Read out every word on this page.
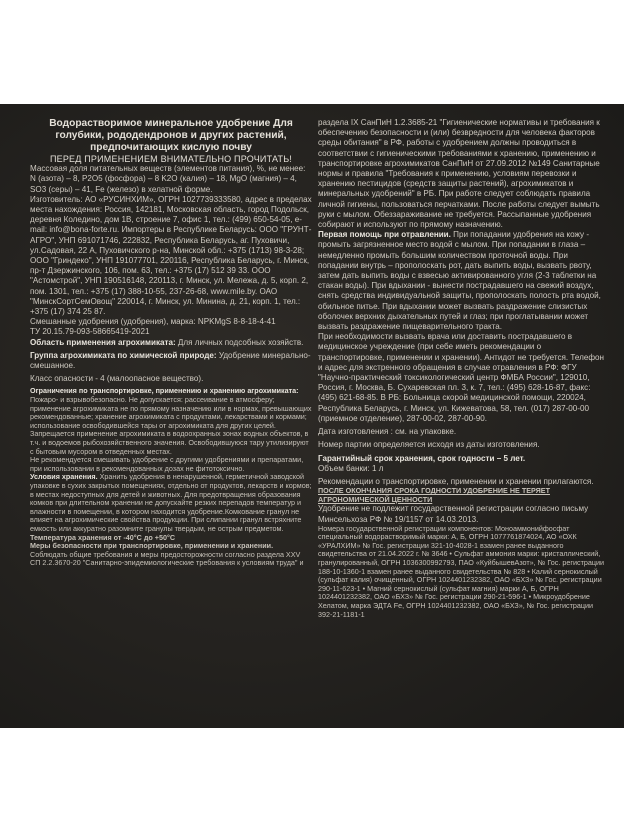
Водорастворимое минеральное удобрение Для голубики, рододендронов и других растений, предпочитающих кислую почву

ПЕРЕД ПРИМЕНЕНИЕМ ВНИМАТЕЛЬНО ПРОЧИТАТЬ!

Массовая доля питательных веществ (элементов питания), %, не менее: N (азота) – 8, P2O5 (фосфора) – 8 K2O (калия) – 18, MgO (магния) – 4, SO3 (серы) – 41, Fe (железо) в хелатной форме.

Изготовитель: АО «РУСИНХИМ», ОГРН 1027739333580, адрес в пределах места нахождения: Россия, 142181, Московская область, город Подольск, деревня Коледино, дом 1В, строение 7, офис 1, тел.: (499) 650-54-05, e-mail: info@bona-forte.ru. Импортеры в Республике Беларусь: ООО "ГРУНТ-АГРО", УНП 691071746, 222832, Республика Беларусь, аг. Пуховичи, ул.Садовая, 22 А, Пуховичского р-на, Минской обл.: +375 (1713) 98-3-28; ООО "Гриндеко", УНП 191077701, 220116, Республика Беларусь, г. Минск, пр-т Дзержинского, 106, пом. 63, тел.: +375 (17) 512 39 33. ООО "Астомстрой", УНП 190516148, 220113, г. Минск, ул. Мележа, д. 5, корп. 2, пом. 1301, тел.: +375 (17) 388-10-55, 237-26-68, www.mile.by. ОАО "МинскСортСемОвощ" 220014, г. Минск, ул. Минина, д. 21, корп. 1, тел.: +375 (17) 374 25 87.

Смешанные удобрения (удобрения), марка: NPKMgS 8-8-18-4-41

ТУ 20.15.79-093-58665419-2021

Область применения агрохимиката: Для личных подсобных хозяйств.

Группа агрохимиката по химической природе: Удобрение минерально-смешанное.

Класс опасности - 4 (малоопасное вещество).

Ограничения по транспортировке, применению и хранению агрохимиката: Пожаро- и взрывобезопасно. Не допускается: рассеивание в атмосферу; применение агрохимиката не по прямому назначению или в нормах, превышающих рекомендованные; хранение агрохимиката с продуктами, лекарствами и кормами; использование освободившейся тары от агрохимиката для других целей. Запрещается применение агрохимиката в водоохранных зонах водных объектов, в т.ч. и водоемов рыбохозяйственного значения. Освободившуюся тару утилизируют с бытовым мусором в отведенных местах.

Не рекомендуется смешивать удобрение с другими удобрениями и препаратами, при использовании в рекомендованных дозах не фитотоксично.

Условия хранения. Хранить удобрения в ненарушенной, герметичной заводской упаковке в сухих закрытых помещениях, отдельно от продуктов, лекарств и кормов; в местах недоступных для детей и животных. Для предотвращения образования комков при длительном хранении не допускайте резких перепадов температур и влажности в помещении, в котором находится удобрение.Комкование гранул не влияет на агрохимические свойства продукции. При слипании гранул встряхните емкость или аккуратно разомните гранулы твердым, не острым предметом.

Температура хранения от -40°С до +50°С

Меры безопасности при транспортировке, применении и хранении.

Соблюдать общие требования и меры предосторожности согласно раздела XXV СП 2.2.3670-20 "Санитарно-эпидемиологические требования к условиям труда" и

раздела IX СанПиН 1.2.3685-21 "Гигиенические нормативы и требования к обеспечению безопасности и (или) безвредности для человека факторов среды обитания" в РФ, работы с удобрением должны проводиться в соответствии с гигиеническими требованиями к хранению, применению и транспортировке агрохимикатов СанПиН от 27.09.2012 №149 Санитарные нормы и правила "Требования к применению, условиям перевозки и хранению пестицидов (средств защиты растений), агрохимикатов и минеральных удобрений" в РБ. При работе следует соблюдать правила личной гигиены, пользоваться перчатками. После работы следует вымыть руки с мылом. Обеззараживание не требуется. Рассыпанные удобрения собирают и используют по прямому назначению.

Первая помощь при отравлении. При попадании удобрения на кожу - промыть загрязненное место водой с мылом. При попадании в глаза – немедленно промыть большим количеством проточной воды. При попадании внутрь – прополоскать рот, дать выпить воды, вызвать рвоту, затем дать выпить воды с взвесью активированного угля (2-3 таблетки на стакан воды). При вдыхании - вынести пострадавшего на свежий воздух, снять средства индивидуальной защиты, прополоскать полость рта водой, обильное питье. При вдыхании может вызвать раздражение слизистых оболочек верхних дыхательных путей и глаз; при проглатывании может вызвать раздражение пищеварительного тракта.

При необходимости вызвать врача или доставить пострадавшего в медицинское учреждение (при себе иметь рекомендации о транспортировке, применении и хранении). Антидот не требуется. Телефон и адрес для экстренного обращения в случае отравления в РФ: ФГУ "Научно-практический токсикологический центр ФМБА России", 129010, Россия, г. Москва, Б. Сухаревская пл. 3, к. 7, тел.: (495) 628-16-87, факс: (495) 621-68-85. В РБ: Больница скорой медицинской помощи, 220024, Республика Беларусь, г. Минск, ул. Кижеватова, 58, тел. (017) 287-00-00 (приемное отделение), 287-00-02, 287-00-90.

Дата изготовления : см. на упаковке.

Номер партии определяется исходя из даты изготовления.

Гарантийный срок хранения, срок годности – 5 лет.

Объем банки: 1 л

Рекомендации о транспортировке, применении и хранении прилагаются.

ПОСЛЕ ОКОНЧАНИЯ СРОКА ГОДНОСТИ УДОБРЕНИЕ НЕ ТЕРЯЕТ АГРОНОМИЧЕСКОЙ ЦЕННОСТИ

Удобрение не подлежит государственной регистрации согласно письму Минсельхоза РФ № 19/1157 от 14.03.2013.

Номера государственной регистрации компонентов: Моноаммонийфосфат специальный водорастворимый марки: А, Б, ОГРН 1077761874024, АО «ОХК «УРАЛХИМ» № Гос. регистрации 321-10-4028-1 взамен ранее выданного свидетельства от 21.04.2022 г. № 3646 • Сульфат аммония марки: кристаллический, гранулированный, ОГРН 1036300992793, ПАО «КуйбышевАзот», № Гос. регистрации 188-10-1360-1 взамен ранее выданного свидетельства № 828 • Калий сернокислый (сульфат калия) очищенный, ОГРН 1024401232382, ОАО «БХЗ» № Гос. регистрации 290-11-623-1 • Магний сернокислый (сульфат магния) марки А, Б, ОГРН 1024401232382, ОАО «БХЗ» № Гос. регистрации 290-21-596-1 • Микроудобрение Хелатом, марка ЭДТА Fe, ОГРН 1024401232382, ОАО «БХЗ», № Гос. регистрации 392-21-1181-1
